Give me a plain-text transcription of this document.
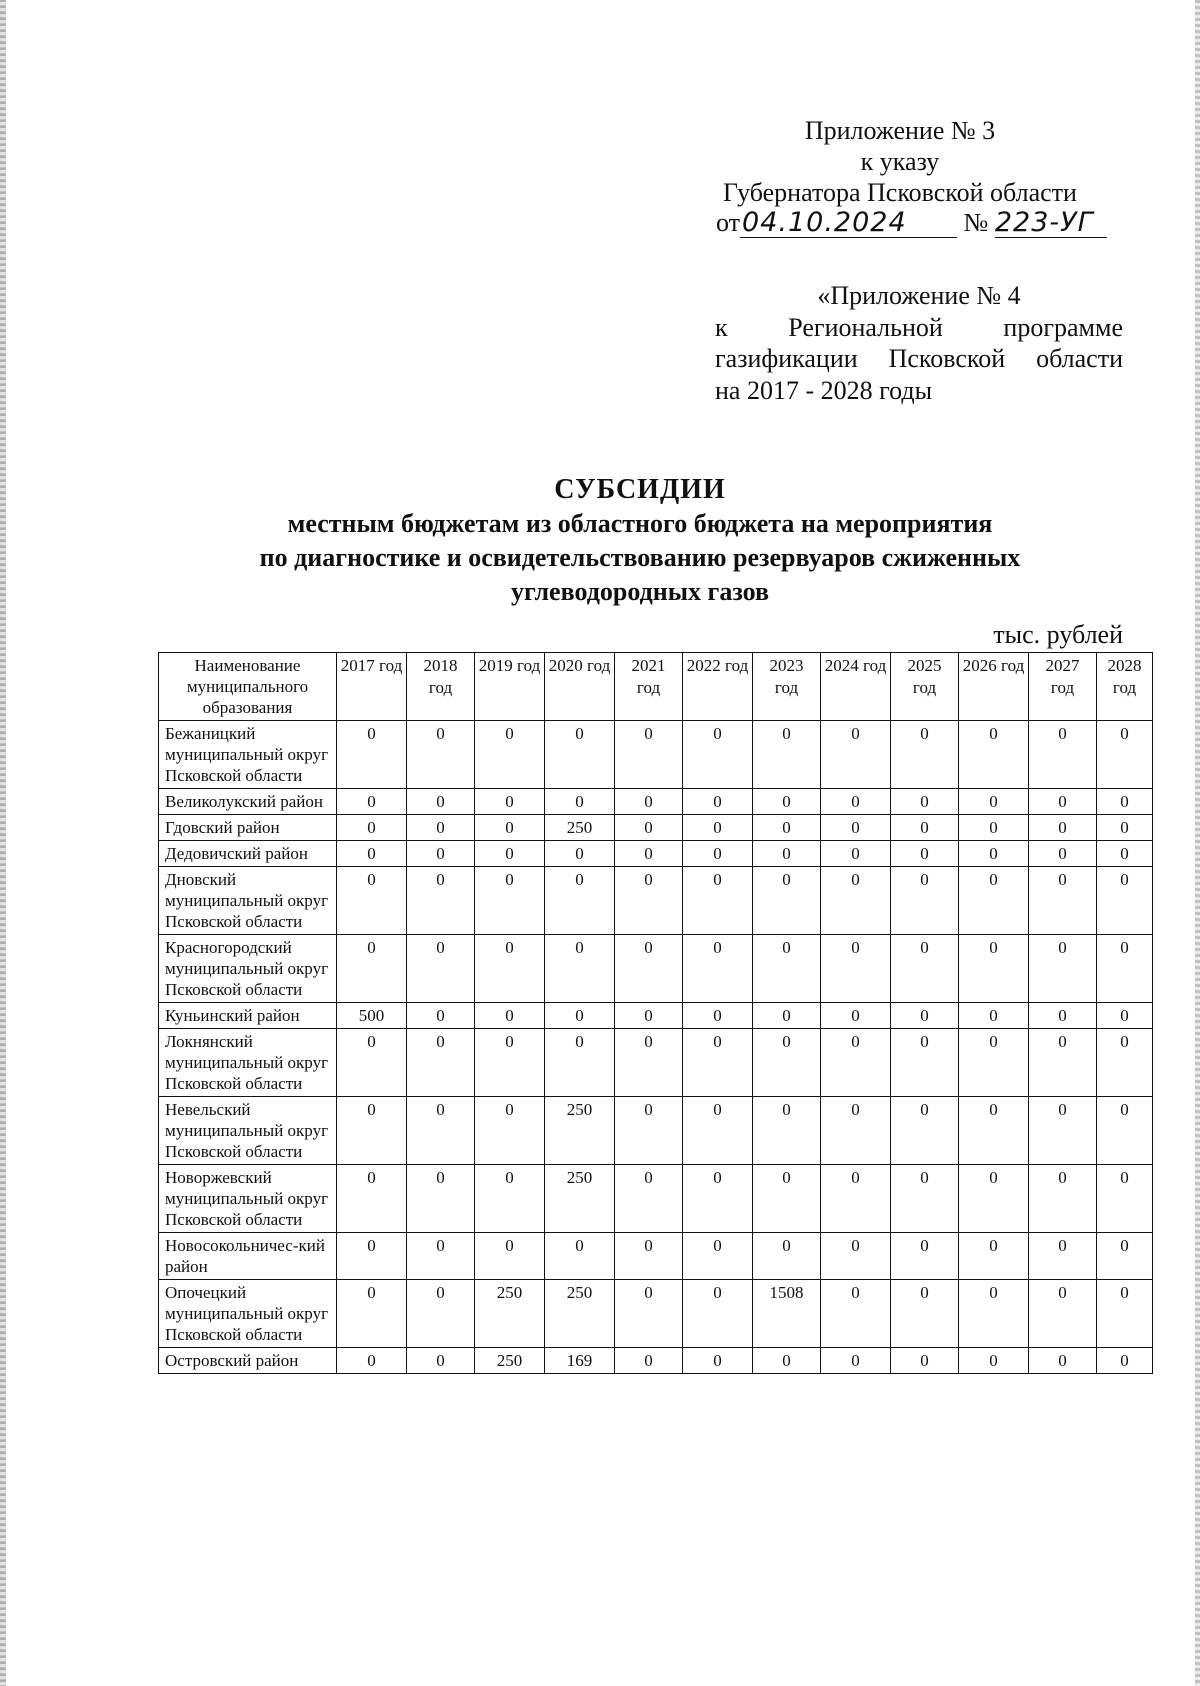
Приложение № 3
к указу
Губернатора Псковской области
от04.10.2024 № 223-УГ
«Приложение № 4
к Региональной программе
газификации Псковской области
на 2017 - 2028 годы
СУБСИДИИ
местным бюджетам из областного бюджета на мероприятия
по диагностике и освидетельствованию резервуаров сжиженных
углеводородных газов
тыс. рублей
Наименование муниципального образования	2017 год	2018 год	2019 год	2020 год	2021 год	2022 год	2023 год	2024 год	2025 год	2026 год	2027 год	2028 год
Бежаницкий муниципальный округ Псковской области	0	0	0	0	0	0	0	0	0	0	0	0
Великолукский район	0	0	0	0	0	0	0	0	0	0	0	0
Гдовский район	0	0	0	250	0	0	0	0	0	0	0	0
Дедовичский район	0	0	0	0	0	0	0	0	0	0	0	0
Дновский муниципальный округ Псковской области	0	0	0	0	0	0	0	0	0	0	0	0
Красногородский муниципальный округ Псковской области	0	0	0	0	0	0	0	0	0	0	0	0
Куньинский район	500	0	0	0	0	0	0	0	0	0	0	0
Локнянский муниципальный округ Псковской области	0	0	0	0	0	0	0	0	0	0	0	0
Невельский муниципальный округ Псковской области	0	0	0	250	0	0	0	0	0	0	0	0
Новоржевский муниципальный округ Псковской области	0	0	0	250	0	0	0	0	0	0	0	0
Новосокольничес-кий район	0	0	0	0	0	0	0	0	0	0	0	0
Опочецкий муниципальный округ Псковской области	0	0	250	250	0	0	1508	0	0	0	0	0
Островский район	0	0	250	169	0	0	0	0	0	0	0	0
